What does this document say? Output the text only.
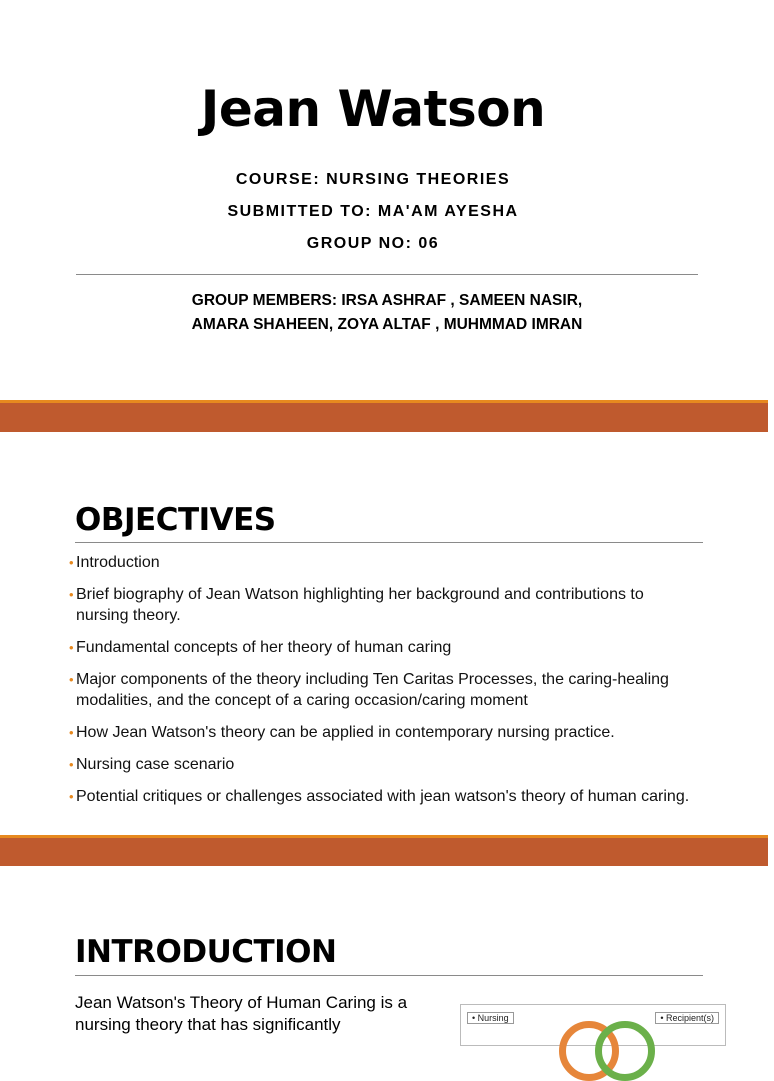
Jean Watson
COURSE: NURSING THEORIES
SUBMITTED TO: MA'AM AYESHA
GROUP NO: 06
GROUP MEMBERS: IRSA ASHRAF , SAMEEN NASIR,
AMARA SHAHEEN, ZOYA ALTAF , MUHMMAD IMRAN
OBJECTIVES
• Introduction
• Brief biography of Jean Watson highlighting her background and contributions to nursing theory.
• Fundamental concepts of her theory of human caring
• Major components of the theory including Ten Caritas Processes, the caring-healing modalities, and the concept of a caring occasion/caring moment
• How Jean Watson's theory can be applied in contemporary nursing practice.
• Nursing case scenario
• Potential critiques or challenges associated with jean watson's theory of human caring.
INTRODUCTION
Jean Watson's Theory of Human Caring is a nursing theory that has significantly	• Nursing	• Recipient(s)
